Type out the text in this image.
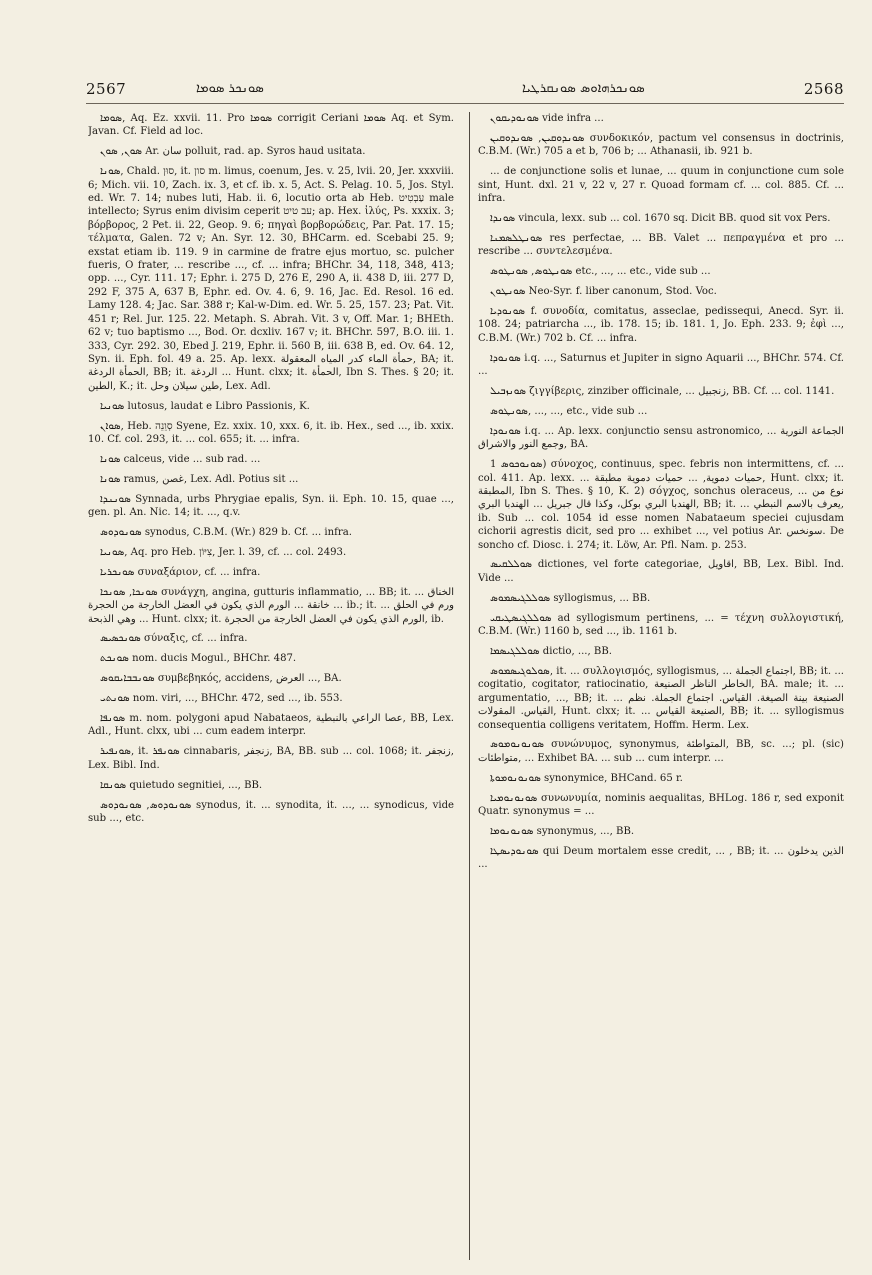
2567	ܣܘܢܟܪ ܣܘܡܐ	ܣܘܢܟܪܗܐܘܣ ܣܘܢܩܪܛܝܐ	2568

ܣܘܡܐ, Aq. Ez. xxvii. 11. Pro ܣܘܡܐ corrigit Ceriani ܣܘܡܐ Aq. et Sym. Javan. Cf. Field ad loc.

ܣܘܢ, ܣܘܢ Ar. سان polluit, rad. ap. Syros haud usitata.

ܣܘܢܐ, Chald. סוּן, it. סון m. limus, coenum, Jes. v. 25, lvii. 20, Jer. xxxviii. 6; Mich. vii. 10, Zach. ix. 3, et cf. ib. x. 5, Act. S. Pelag. 10. 5, Jos. Styl. ed. Wr. 7. 14; nubes luti, Hab. ii. 6, locutio orta ab Heb. עַבְטִיט male intellecto; Syrus enim divisim ceperit עב טיט; ap. Hex. ἰλύς, Ps. xxxix. 3; βόρβορος, 2 Pet. ii. 22, Geop. 9. 6; πηγαὶ βορβορώδεις, Par. Pat. 17. 15; τέλματα, Galen. 72 v; An. Syr. 12. 30, BHCarm. ed. Scebabi 25. 9; exstat etiam ib. 119. 9 in carmine de fratre ejus mortuo, sc. pulcher fueris, O frater, ... rescribe ..., cf. ... infra; BHChr. 34, 118, 348, 413; opp. ..., Cyr. 111. 17; Ephr. i. 275 D, 276 E, 290 A, ii. 438 D, iii. 277 D, 292 F, 375 A, 637 B, Ephr. ed. Ov. 4. 6, 9. 16, Jac. Ed. Resol. 16 ed. Lamy 128. 4; Jac. Sar. 388 r; Kal-w-Dim. ed. Wr. 5. 25, 157. 23; Pat. Vit. 451 r; Rel. Jur. 125. 22. Metaph. S. Abrah. Vit. 3 v, Off. Mar. 1; BHEth. 62 v; tuo baptismo ..., Bod. Or. dcxliv. 167 v; it. BHChr. 597, B.O. iii. 1. 333, Cyr. 292. 30, Ebed J. 219, Ephr. ii. 560 B, iii. 638 B, ed. Ov. 64. 12, Syn. ii. Eph. fol. 49 a. 25. Ap. lexx. حمأة الماء كدر المياه المعقولة, BA; it. الحمأة الردغة, BB; it. الردغة ... Hunt. clxx; it. الحمأة, Ibn S. Thes. § 20; it. الطين, K.; it. طين سيلان وحل, Lex. Adl.

ܣܘܢܝܐ lutosus, laudat e Libro Passionis, K.

ܣܘܐܢ, Heb. סְוֵנֵה Syene, Ez. xxix. 10, xxx. 6, it. ib. Hex., sed ..., ib. xxix. 10. Cf. col. 293, it. ... col. 655; it. ... infra.

ܣܘܢܐ calceus, vide ... sub rad. ...

ܣܘܢܐ ramus, غصن, Lex. Adl. Potius sit ...

ܣܘܢܢܕܐ Synnada, urbs Phrygiae epalis, Syn. ii. Eph. 10. 15, quae ..., gen. pl. An. Nic. 14; it. ..., q.v.

ܣܘܢܘܕܘܣ synodus, C.B.M. (Wr.) 829 b. Cf. ... infra.

ܣܘܢܝܐ, Aq. pro Heb. צִיּוֹן, Jer. l. 39, cf. ... col. 2493.

ܣܘܢܟܪܝܐ συναξάριον, cf. ... infra.

ܣܘܢܟܐ, ܣܘܢܟܐ συνάγχη, angina, gutturis inflammatio, ... BB; it. الخناق ... خانقة ... الورم الذي يكون في العضل الخارجة من الحجرة ... ib.; it. ... ورم في الحلق وهي الذبحة ... Hunt. clxx; it. الورم الذي يكون في العضل الخارجة من الحجرة, ib.

ܣܘܢܟܣܝܣ σύναξις, cf. ... infra.

ܣܘܢܟܬ nom. ducis Mogul., BHChr. 487.

ܣܘܢܒܒܐܝܩܘܣ συμβεβηκός, accidens, العرض ..., BA.

ܣܘܢܬܝ nom. viri, ..., BHChr. 472, sed ..., ib. 553.

ܣܘܢܦܐ m. nom. polygoni apud Nabataeos, عصا الراعي بالنبطية, BB, Lex. Adl., Hunt. clxx, ubi ... cum eadem interpr.

ܣܘܢܦܝܪ, it. ܣܘܢܦܪ cinnabaris, زنجفر, BA, BB. sub ... col. 1068; it. زنجفر, Lex. Bibl. Ind.

ܣܘܢܩܐ quietudo segnitiei, ..., BB.

ܣܘܢܘܕܘܣ, ܣܘܢܘܕܘܣ synodus, it. ... synodita, it. ..., ... synodicus, vide sub ..., etc.

ܣܘܢܘܕܝܩܘܢ vide infra ...

ܣܘܢܕܘܩܝܢ, ܣܘܢܕܘܩܝܢ συνδοκικόν, pactum vel consensus in doctrinis, C.B.M. (Wr.) 705 a et b, 706 b; ... Athanasii, ib. 921 b.

... de conjunctione solis et lunae, ... quum in conjunctione cum sole sint, Hunt. dxl. 21 v, 22 v, 27 r. Quoad formam cf. ... col. 885. Cf. ... infra.

ܣܘܢܕܐ vincula, lexx. sub ... col. 1670 sq. Dicit BB. quod sit vox Pers.

ܣܘܢܛܠܣܡܢܐ res perfectae, ... BB. Valet ... πεπραγμένα et pro ... rescribe ... συντελεσμένα.

ܣܘܢܛܘܣ, ܣܘܢܛܘܣ etc., ..., ... etc., vide sub ...

ܣܘܢܛܘܢ Neo-Syr. f. liber canonum, Stod. Voc.

ܣܘܢܘܕܝܐ f. συνοδία, comitatus, asseclae, pedissequi, Anecd. Syr. ii. 108. 24; patriarcha ..., ib. 178. 15; ib. 181. 1, Jo. Eph. 233. 9; ἐφὶ ..., C.B.M. (Wr.) 702 b. Cf. ... infra.

ܣܘܢܘܕܐ i.q. ..., Saturnus et Jupiter in signo Aquarii ..., BHChr. 574. Cf. ...

ܣܘܢܙܒܝܠ ζιγγίβερις, zinziber officinale, ... زنجبيل, BB. Cf. ... col. 1141.

ܣܘܢܛܘܣ, ..., ..., etc., vide sub ...

ܣܘܢܘܕܐ i.q. ... Ap. lexx. conjunctio sensu astronomico, ... الجماعة النورية وجمع النور والاشراق, BA.

ܣܘܢܘܟܘܣ 1) σύνοχος, continuus, spec. febris non intermittens, cf. ... col. 411. Ap. lexx. ... حميات دموية, ... حميات دموية مطبقة, Hunt. clxx; it. المطبقة, Ibn S. Thes. § 10, K. 2) σόγχος, sonchus oleraceus, ... نوع من الهندبا البري بوكل، وكذا قال جبريل ... الهندبا البري, BB; it. ... يعرف بالاسم النبطي, ib. Sub ... col. 1054 id esse nomen Nabataeum speciei cujusdam cichorii agrestis dicit, sed pro ... exhibet ..., vel potius Ar. سونخس. De soncho cf. Diosc. i. 274; it. Löw, Ar. Pfl. Nam. p. 253.

ܣܘܠܠܩܝܣ dictiones, vel forte categoriae, اقاويل, BB, Lex. Bibl. Ind. Vide ...

ܣܘܠܠܓܝܣܡܘܣ syllogismus, ... BB.

ܣܘܠܠܓܝܣܛܝܩܝ ad syllogismum pertinens, ... = τέχνη συλλογιστική, C.B.M. (Wr.) 1160 b, sed ..., ib. 1161 b.

ܣܘܠܠܓܝܣܡܐ dictio, ..., BB.

ܣܘܠܘܓܝܣܡܘܣ, it. ... συλλογισμός, syllogismus, ... اجتماع الجملة, BB; it. ... cogitatio, cogitator, ratiocinatio, الخاطر الناظر الصنيعة, BA. male; it. ... argumentatio, ..., BB; it. ... الصنيعة بينة الصيغة. القياس. اجتماع الجملة. نظم القياس. المقولات, Hunt. clxx; it. ... الصنيعة القياس, BB; it. ... syllogismus consequentia colligens veritatem, Hoffm. Herm. Lex.

ܣܘܢܘܢܘܡܘܣ συνώνυμος, synonymus, المتواطئة, BB, sc. ...; pl. (sic) متواطئات, ... Exhibet BA. ... sub ... cum interpr. ...

ܣܘܢܘܢܘܡܘܬܐ synonymice, BHCand. 65 r.

ܣܘܢܘܢܘܡܝܐ συνωνυμία, nominis aequalitas, BHLog. 186 r, sed exponit Quatr. synonymus = ...

ܣܘܢܘܢܘܡܐ synonymus, ..., BB.

ܣܘܢܘܕܝܣܛܐ qui Deum mortalem esse credit, ... , BB; it. ... الذين يدخلون ...
